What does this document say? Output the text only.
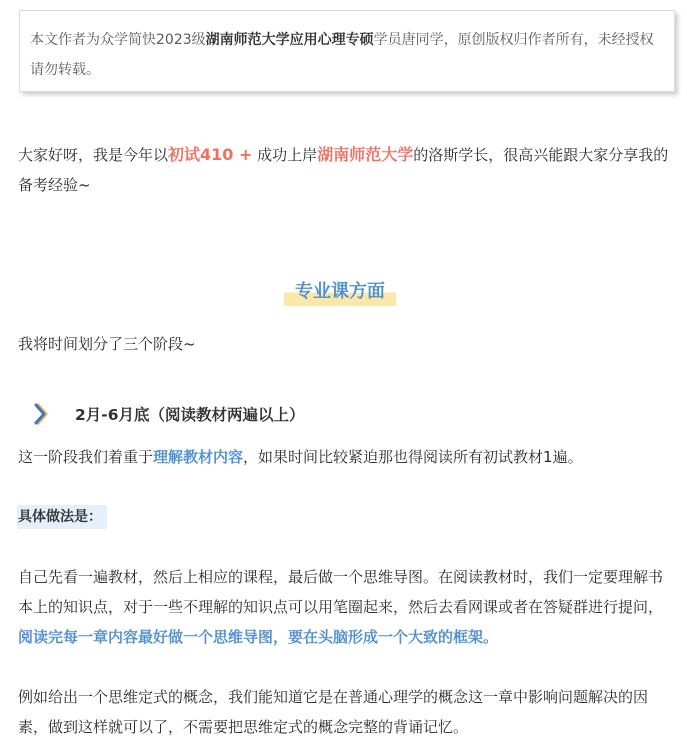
本文作者为众学简快2023级湖南师范大学应用心理专硕学员唐同学，原创版权归作者所有，未经授权请勿转载。
大家好呀，我是今年以初试410 + 成功上岸湖南师范大学的洛斯学长，很高兴能跟大家分享我的备考经验~
专业课方面
我将时间划分了三个阶段~
2月-6月底（阅读教材两遍以上）
这一阶段我们着重于理解教材内容，如果时间比较紧迫那也得阅读所有初试教材1遍。
具体做法是：
自己先看一遍教材，然后上相应的课程，最后做一个思维导图。在阅读教材时，我们一定要理解书本上的知识点，对于一些不理解的知识点可以用笔圈起来，然后去看网课或者在答疑群进行提问，阅读完每一章内容最好做一个思维导图，要在头脑形成一个大致的框架。
例如给出一个思维定式的概念，我们能知道它是在普通心理学的概念这一章中影响问题解决的因素，做到这样就可以了，不需要把思维定式的概念完整的背诵记忆。
